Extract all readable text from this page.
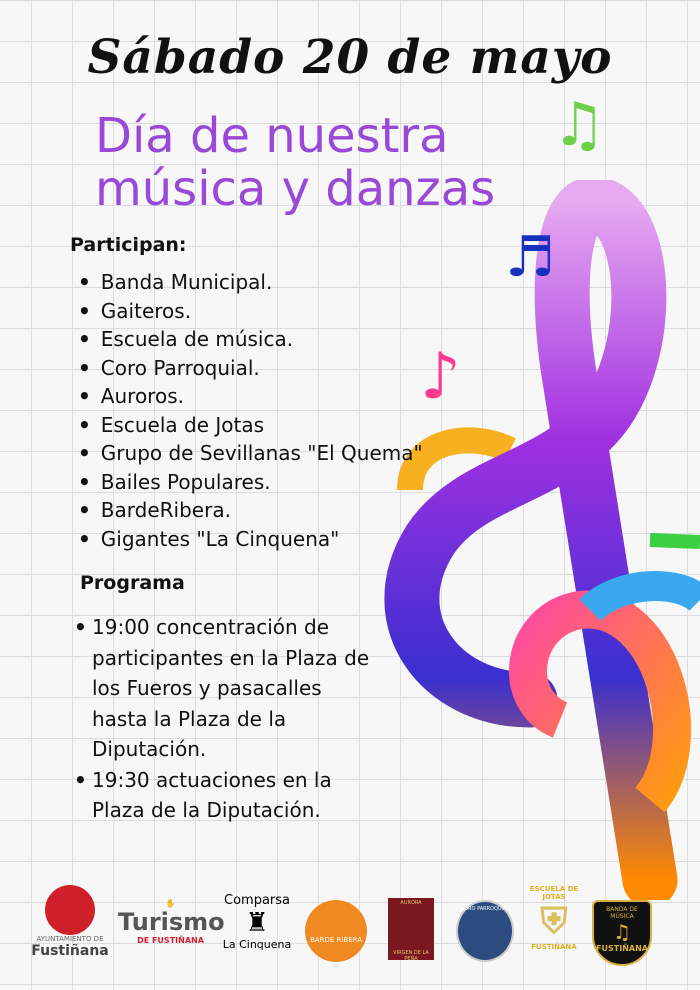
♫
♬
♪
Sábado 20 de mayo
Día de nuestra
música y danzas
Participan:
• Banda Municipal.
• Gaiteros.
• Escuela de música.
• Coro Parroquial.
• Auroros.
• Escuela de Jotas
• Grupo de Sevillanas "El Quema"
• Bailes Populares.
• BardeRibera.
• Gigantes "La Cinquena"
Programa
• 19:00 concentración de participantes en la Plaza de los Fueros y pasacalles hasta la Plaza de la Diputación.
• 19:30 actuaciones en la Plaza de la Diputación.
AYUNTAMIENTO DE
Fustiñana
✋
Turismo
DE FUSTIÑANA
Comparsa
♜
La Cinquena	BARDE RIBERA
AURORA
VIRGEN DE LA PEÑA
CORO PARROQUIAL
ESCUELA DE JOTAS
⛨
FUSTIÑANA
BANDA DE MÚSICA
♫
FUSTIÑANA
